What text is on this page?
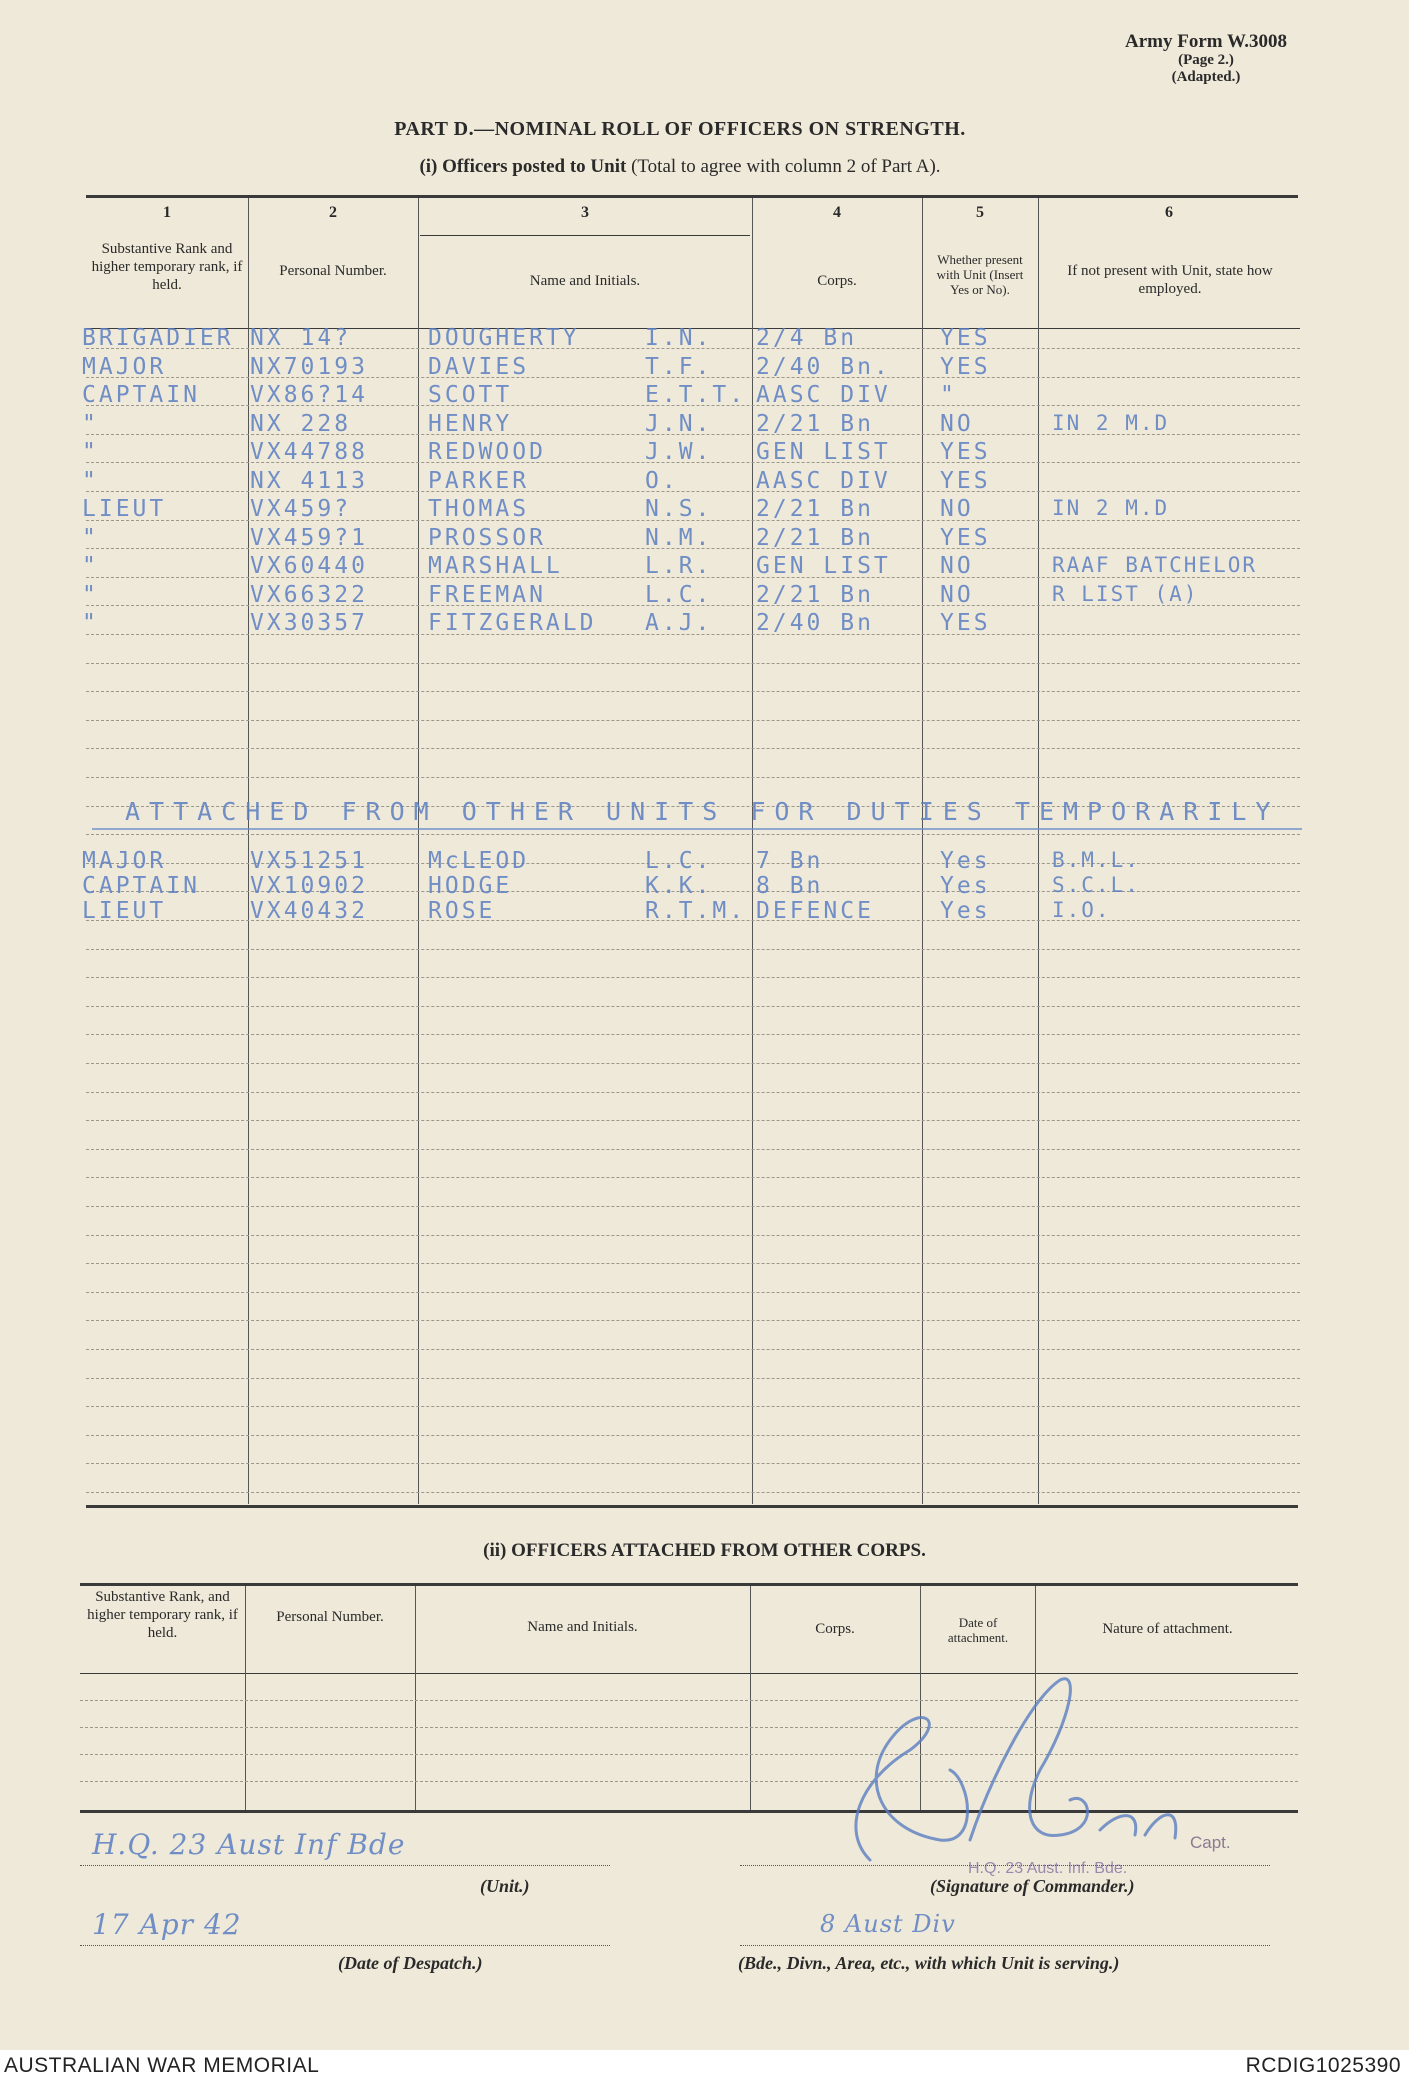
Army Form W.3008
(Page 2.)
(Adapted.)
PART D.—NOMINAL ROLL OF OFFICERS ON STRENGTH.
(i) Officers posted to Unit (Total to agree with column 2 of Part A).
1	2	3	4	5	6
Substantive Rank and higher temporary rank, if held.
Personal Number.
Name and Initials.	Corps.
Whether present with Unit (Insert Yes or No).
If not present with Unit, state how employed.
BRIGADIER NX 14?	DOUGHERTY	I.N. 2/4 Bn	YES
MAJOR	NX70193	DAVIES	T.F. 2/40 Bn. YES
CAPTAIN VX86?14	SCOTT	E.T.T. AASC DIV "
"	NX 228	HENRY	J.N. 2/21 Bn	NO	IN 2 M.D
"	VX44788	REDWOOD	J.W. GEN LIST YES
"	NX 4113	PARKER	O.	AASC DIV YES
LIEUT	VX459?	THOMAS	N.S. 2/21 Bn	NO	IN 2 M.D
"	VX459?1	PROSSOR	N.M. 2/21 Bn	YES
"	VX60440	MARSHALL	L.R. GEN LIST NO	RAAF BATCHELOR
"	VX66322	FREEMAN	L.C. 2/21 Bn	NO	R LIST (A)
"	VX30357	FITZGERALD A.J. 2/40 Bn	YES
ATTACHED FROM OTHER UNITS FOR DUTIES TEMPORARILY
MAJOR	VX51251	McLEOD	L.C. 7 Bn	Yes	B.M.L.
CAPTAIN VX10902	HODGE	K.K. 8 Bn	Yes	S.C.L.
LIEUT	VX40432	ROSE	R.T.M. DEFENCE	Yes	I.O.
(ii) OFFICERS ATTACHED FROM OTHER CORPS.
Substantive Rank, and higher temporary rank, if held.
Personal Number.
Name and Initials.	Corps.	Date of attachment.
Nature of attachment.
H.Q. 23 Aust Inf Bde
(Unit.)
17 Apr 42
(Date of Despatch.)
H.Q. 23 Aust. Inf. Bde.
Capt.
(Signature of Commander.)
8 Aust Div
(Bde., Divn., Area, etc., with which Unit is serving.)
AUSTRALIAN WAR MEMORIAL	RCDIG1025390
